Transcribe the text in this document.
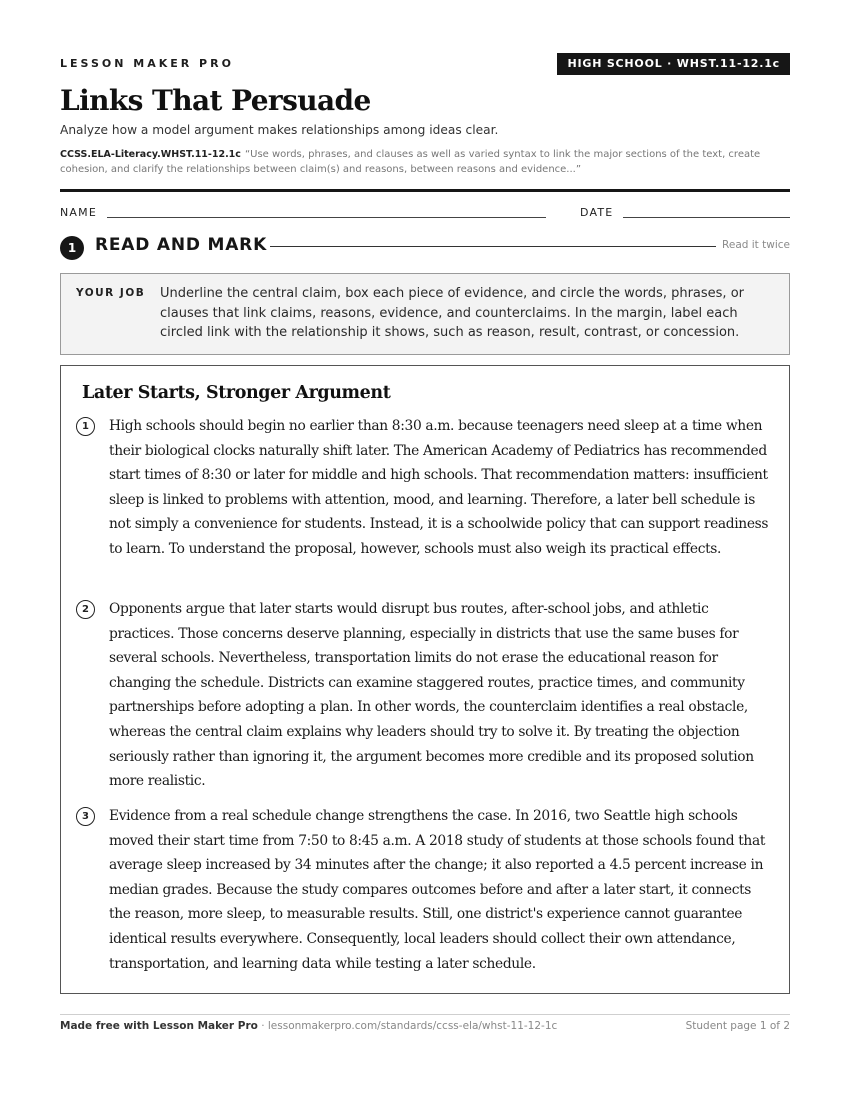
LESSON MAKER PRO	HIGH SCHOOL · WHST.11-12.1c
Links That Persuade
Analyze how a model argument makes relationships among ideas clear.
CCSS.ELA-Literacy.WHST.11-12.1c “Use words, phrases, and clauses as well as varied syntax to link the major sections of the text, create cohesion, and clarify the relationships between claim(s) and reasons, between reasons and evidence...”
NAME	DATE
1	READ AND MARK	Read it twice
YOUR JOB Underline the central claim, box each piece of evidence, and circle the words, phrases, or clauses that link claims, reasons, evidence, and counterclaims. In the margin, label each circled link with the relationship it shows, such as reason, result, contrast, or concession.
Later Starts, Stronger Argument
1	High schools should begin no earlier than 8:30 a.m. because teenagers need sleep at a time when their biological clocks naturally shift later. The American Academy of Pediatrics has recommended start times of 8:30 or later for middle and high schools. That recommendation matters: insufficient sleep is linked to problems with attention, mood, and learning. Therefore, a later bell schedule is not simply a convenience for students. Instead, it is a schoolwide policy that can support readiness to learn. To understand the proposal, however, schools must also weigh its practical effects.
2	Opponents argue that later starts would disrupt bus routes, after-school jobs, and athletic practices. Those concerns deserve planning, especially in districts that use the same buses for several schools. Nevertheless, transportation limits do not erase the educational reason for changing the schedule. Districts can examine staggered routes, practice times, and community partnerships before adopting a plan. In other words, the counterclaim identifies a real obstacle, whereas the central claim explains why leaders should try to solve it. By treating the objection seriously rather than ignoring it, the argument becomes more credible and its proposed solution more realistic.
3	Evidence from a real schedule change strengthens the case. In 2016, two Seattle high schools moved their start time from 7:50 to 8:45 a.m. A 2018 study of students at those schools found that average sleep increased by 34 minutes after the change; it also reported a 4.5 percent increase in median grades. Because the study compares outcomes before and after a later start, it connects the reason, more sleep, to measurable results. Still, one district's experience cannot guarantee identical results everywhere. Consequently, local leaders should collect their own attendance, transportation, and learning data while testing a later schedule.
Made free with Lesson Maker Pro · lessonmakerpro.com/standards/ccss-ela/whst-11-12-1c	Student page 1 of 2
